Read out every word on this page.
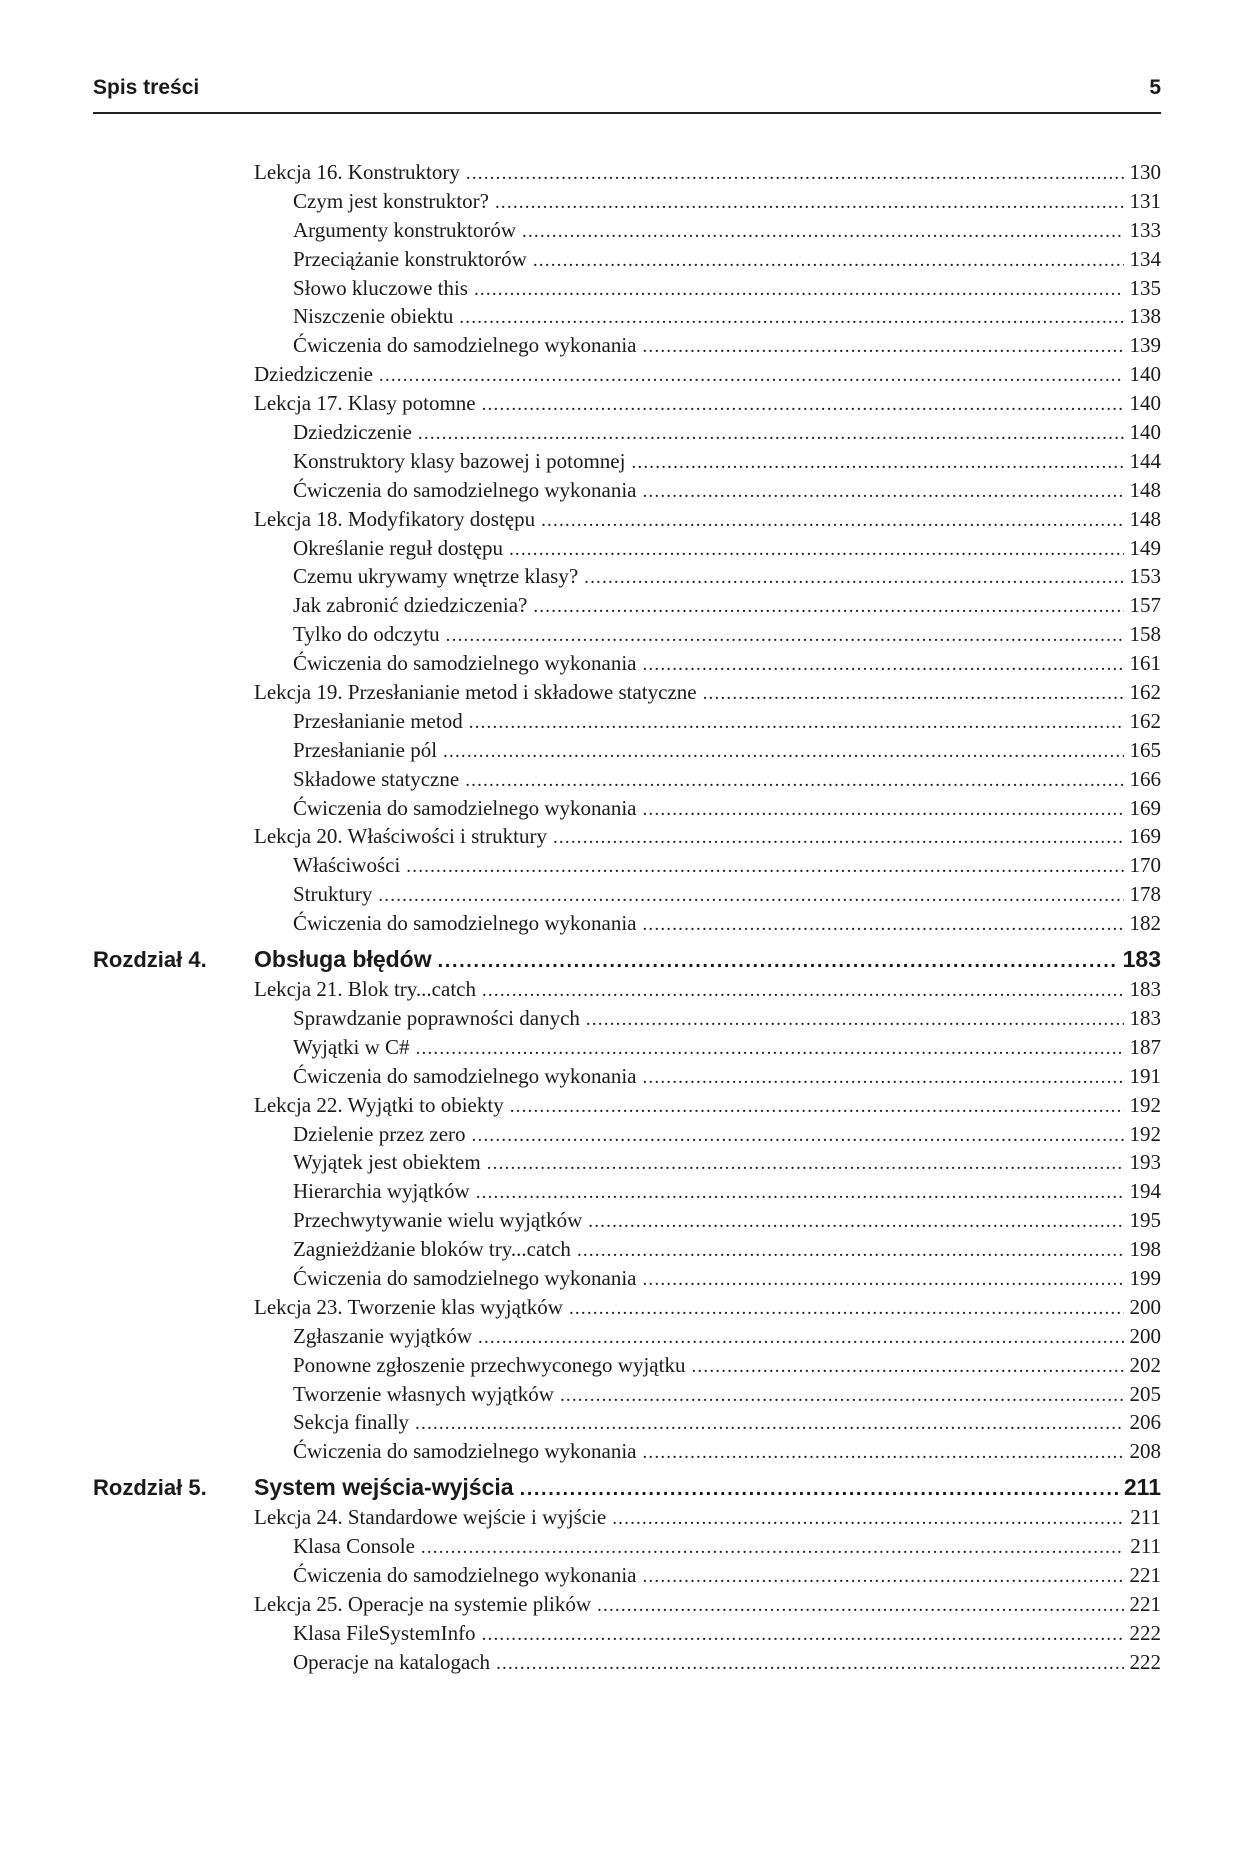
Spis treści	5
Lekcja 16. Konstruktory .....	130
Czym jest konstruktor? .....	131
Argumenty konstruktorów .....	133
Przeciążanie konstruktorów .....	134
Słowo kluczowe this .....	135
Niszczenie obiektu .....	138
Ćwiczenia do samodzielnego wykonania .....	139
Dziedziczenie .....	140
Lekcja 17. Klasy potomne .....	140
Dziedziczenie .....	140
Konstruktory klasy bazowej i potomnej .....	144
Ćwiczenia do samodzielnego wykonania .....	148
Lekcja 18. Modyfikatory dostępu .....	148
Określanie reguł dostępu .....	149
Czemu ukrywamy wnętrze klasy? .....	153
Jak zabronić dziedziczenia? .....	157
Tylko do odczytu .....	158
Ćwiczenia do samodzielnego wykonania .....	161
Lekcja 19. Przesłanianie metod i składowe statyczne .....	162
Przesłanianie metod .....	162
Przesłanianie pól .....	165
Składowe statyczne .....	166
Ćwiczenia do samodzielnego wykonania .....	169
Lekcja 20. Właściwości i struktury .....	169
Właściwości .....	170
Struktury .....	178
Ćwiczenia do samodzielnego wykonania .....	182
Rozdział 4.	Obsługa błędów .....	183
Lekcja 21. Blok try...catch .....	183
Sprawdzanie poprawności danych .....	183
Wyjątki w C# .....	187
Ćwiczenia do samodzielnego wykonania .....	191
Lekcja 22. Wyjątki to obiekty .....	192
Dzielenie przez zero .....	192
Wyjątek jest obiektem .....	193
Hierarchia wyjątków .....	194
Przechwytywanie wielu wyjątków .....	195
Zagnieżdżanie bloków try...catch .....	198
Ćwiczenia do samodzielnego wykonania .....	199
Lekcja 23. Tworzenie klas wyjątków .....	200
Zgłaszanie wyjątków .....	200
Ponowne zgłoszenie przechwyconego wyjątku .....	202
Tworzenie własnych wyjątków .....	205
Sekcja finally .....	206
Ćwiczenia do samodzielnego wykonania .....	208
Rozdział 5.	System wejścia-wyjścia .....	211
Lekcja 24. Standardowe wejście i wyjście .....	211
Klasa Console .....	211
Ćwiczenia do samodzielnego wykonania .....	221
Lekcja 25. Operacje na systemie plików .....	221
Klasa FileSystemInfo .....	222
Operacje na katalogach .....	222
